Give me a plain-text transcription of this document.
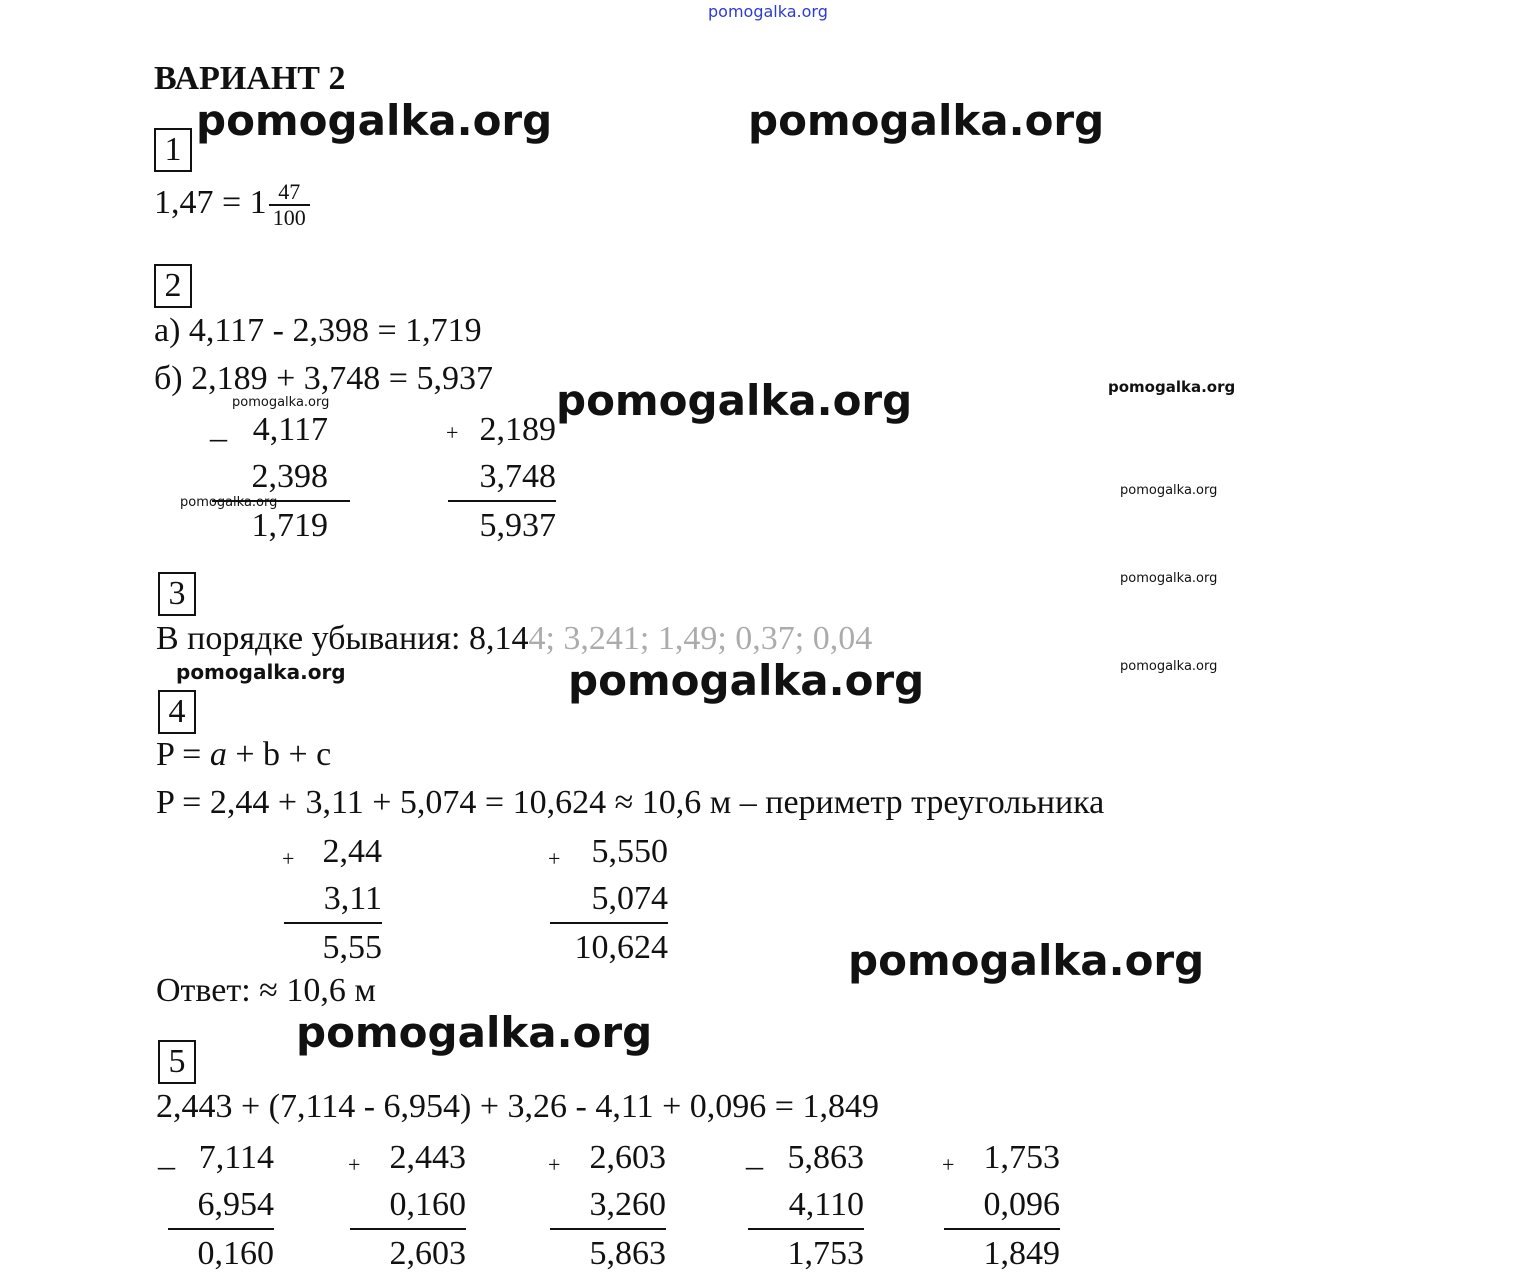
pomogalka.org
ВАРИАНТ 2
pomogalka.org	pomogalka.org
pomogalka.org
pomogalka.org
pomogalka.org
pomogalka.org
pomogalka.org
pomogalka.org
pomogalka.org
pomogalka.org
pomogalka.org
pomogalka.org
pomogalka.org
1
$1,47 = 1 \frac{47}{100}$
2
а) 4,117 - 2,398 = 1,719
б) 2,189 + 3,748 = 5,937
_ 4,117
2,398
1,719
+ 2,189
3,748
5,937
3
В порядке убывания: 8,144; 3,241; 1,49; 0,37; 0,04
4
P = a + b + c
P = 2,44 + 3,11 + 5,074 = 10,624 ≈ 10,6 м – периметр треугольника
+ 2,44
3,11
5,55
+ 5,550
5,074
10,624
Ответ: ≈ 10,6 м
5
2,443 + (7,114 - 6,954) + 3,26 - 4,11 + 0,096 = 1,849
_ 7,114
6,954
0,160
+ 2,443
0,160
2,603
+ 2,603
3,260
5,863
_ 5,863
4,110
1,753
+ 1,753
0,096
1,849
